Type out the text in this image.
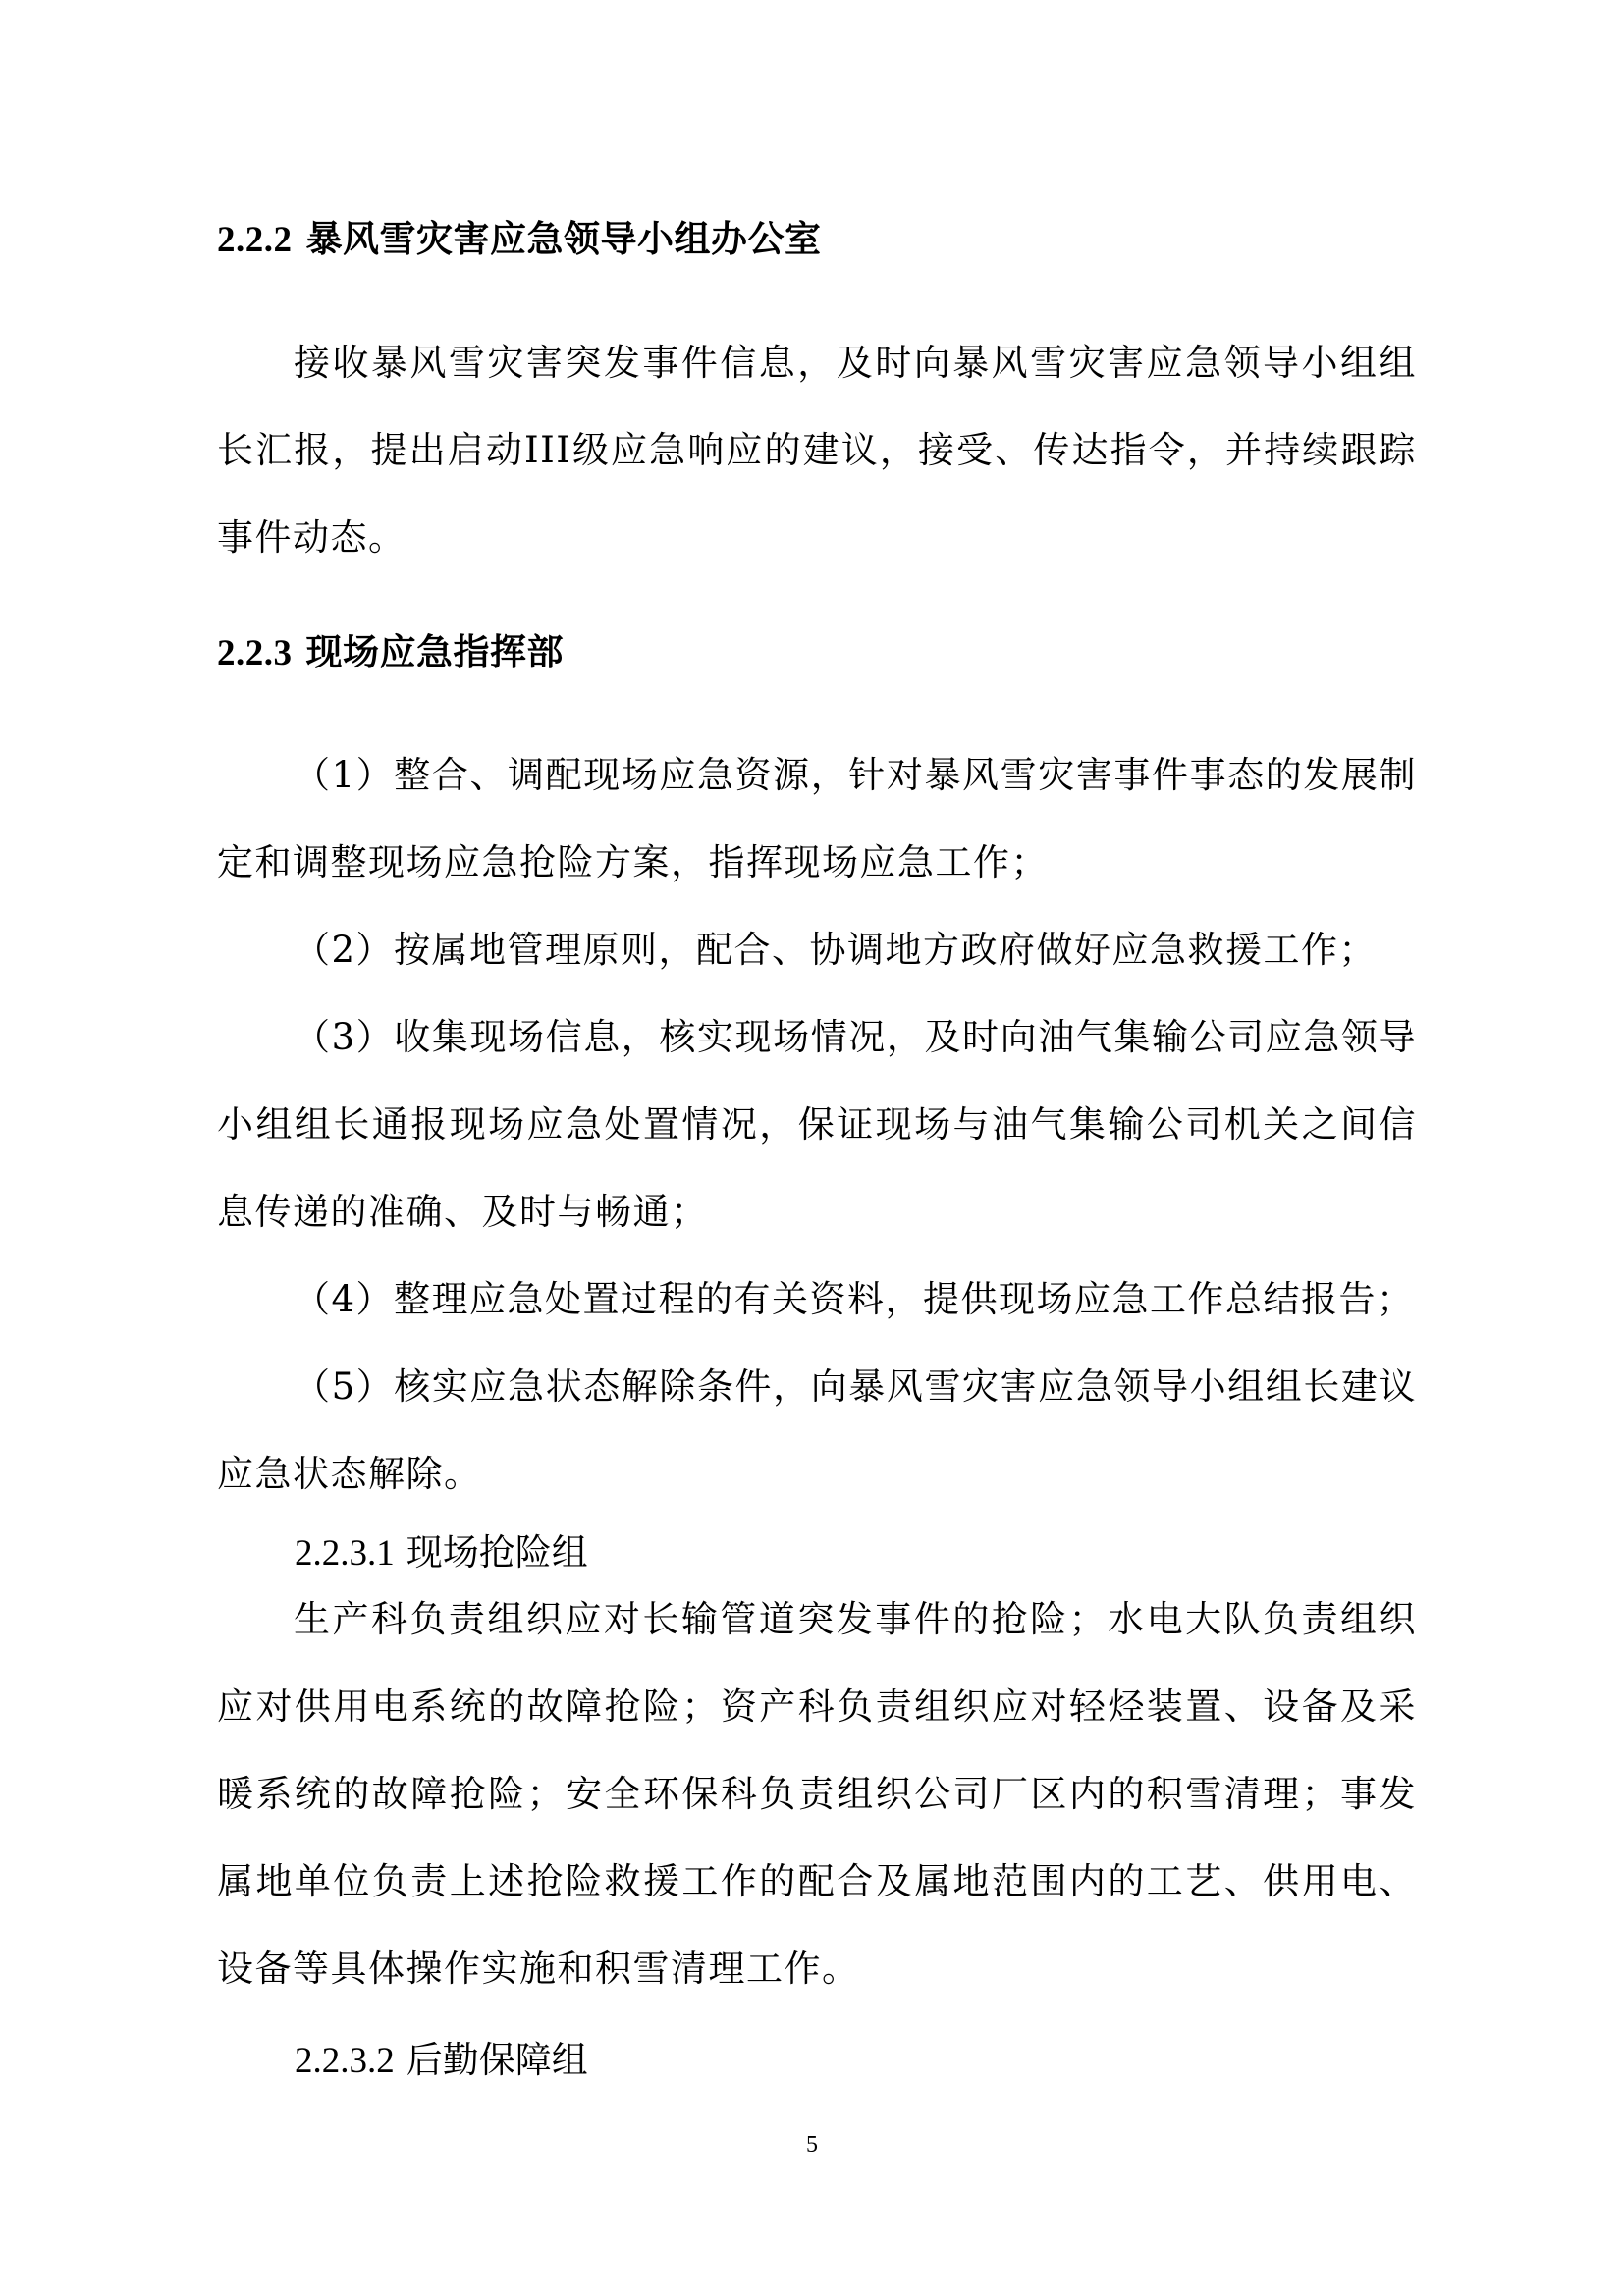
2.2.2 暴风雪灾害应急领导小组办公室

接收暴风雪灾害突发事件信息，及时向暴风雪灾害应急领导小组组长汇报，提出启动III级应急响应的建议，接受、传达指令，并持续跟踪事件动态。

2.2.3 现场应急指挥部

（1）整合、调配现场应急资源，针对暴风雪灾害事件事态的发展制定和调整现场应急抢险方案，指挥现场应急工作；

（2）按属地管理原则，配合、协调地方政府做好应急救援工作；

（3）收集现场信息，核实现场情况，及时向油气集输公司应急领导小组组长通报现场应急处置情况，保证现场与油气集输公司机关之间信息传递的准确、及时与畅通；

（4）整理应急处置过程的有关资料，提供现场应急工作总结报告；

（5）核实应急状态解除条件，向暴风雪灾害应急领导小组组长建议应急状态解除。

2.2.3.1 现场抢险组

生产科负责组织应对长输管道突发事件的抢险；水电大队负责组织应对供用电系统的故障抢险；资产科负责组织应对轻烃装置、设备及采暖系统的故障抢险；安全环保科负责组织公司厂区内的积雪清理；事发属地单位负责上述抢险救援工作的配合及属地范围内的工艺、供用电、设备等具体操作实施和积雪清理工作。

2.2.3.2 后勤保障组
5
